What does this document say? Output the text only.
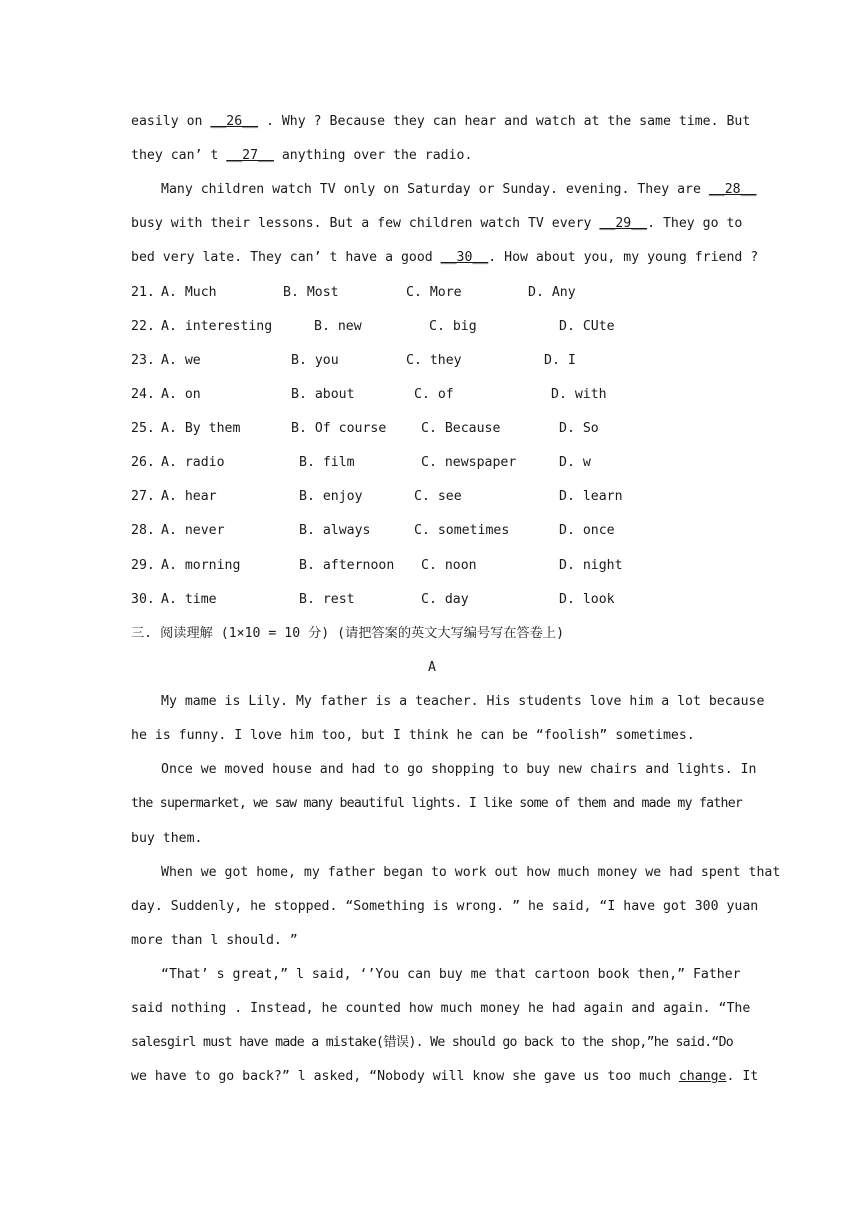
easily on __26__ . Why ? Because they can hear and watch at the same time. But
they can’ t __27__ anything over the radio.
Many children watch TV only on Saturday or Sunday. evening. They are __28__
busy with their lessons. But a few children watch TV every __29__. They go to
bed very late. They can’ t have a good __30__. How about you, my young friend ?
21. A. Much	B. Most	C. More	D. Any
22. A. interesting	B. new	C. big	D. CUte
23. A. we	B. you	C. they	D. I
24. A. on	B. about	C. of	D. with
25. A. By them	B. Of course	C. Because	D. So
26. A. radio	B. film	C. newspaper	D. w
27. A. hear	B. enjoy	C. see	D. learn
28. A. never	B. always	C. sometimes	D. once
29. A. morning	B. afternoon C. noon	D. night
30. A. time	B. rest	C. day	D. look
三. 阅读理解 (1×10 = 10 分) (请把答案的英文大写编号写在答卷上)
A
My mame is Lily. My father is a teacher. His students love him a lot because
he is funny. I love him too, but I think he can be “foolish” sometimes.
Once we moved house and had to go shopping to buy new chairs and lights. In
the supermarket, we saw many beautiful lights. I like some of them and made my father
buy them.
When we got home, my father began to work out how much money we had spent that
day. Suddenly, he stopped. “Something is wrong. ” he said, “I have got 300 yuan
more than l should. ”
“That’ s great,” l said, ‘’You can buy me that cartoon book then,” Father
said nothing . Instead, he counted how much money he had again and again. “The
salesgirl must have made a mistake(错误). We should go back to the shop,”he said.“Do
we have to go back?” l asked, “Nobody will know she gave us too much change. It
